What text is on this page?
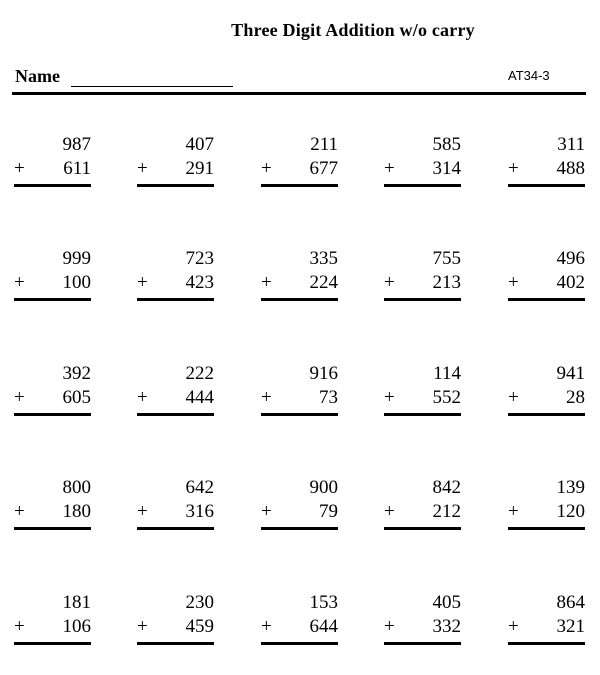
Three Digit Addition w/o carry
Name	AT34-3
987
+ 611
407
+ 291
211
+ 677
585
+ 314
311
+ 488
999
+ 100
723
+ 423
335
+ 224
755
+ 213
496
+ 402
392
+ 605
222
+ 444
916
+ 73
114
+ 552
941
+ 28
800
+ 180
642
+ 316
900
+ 79
842
+ 212
139
+ 120
181
+ 106
230
+ 459
153
+ 644
405
+ 332
864
+ 321
